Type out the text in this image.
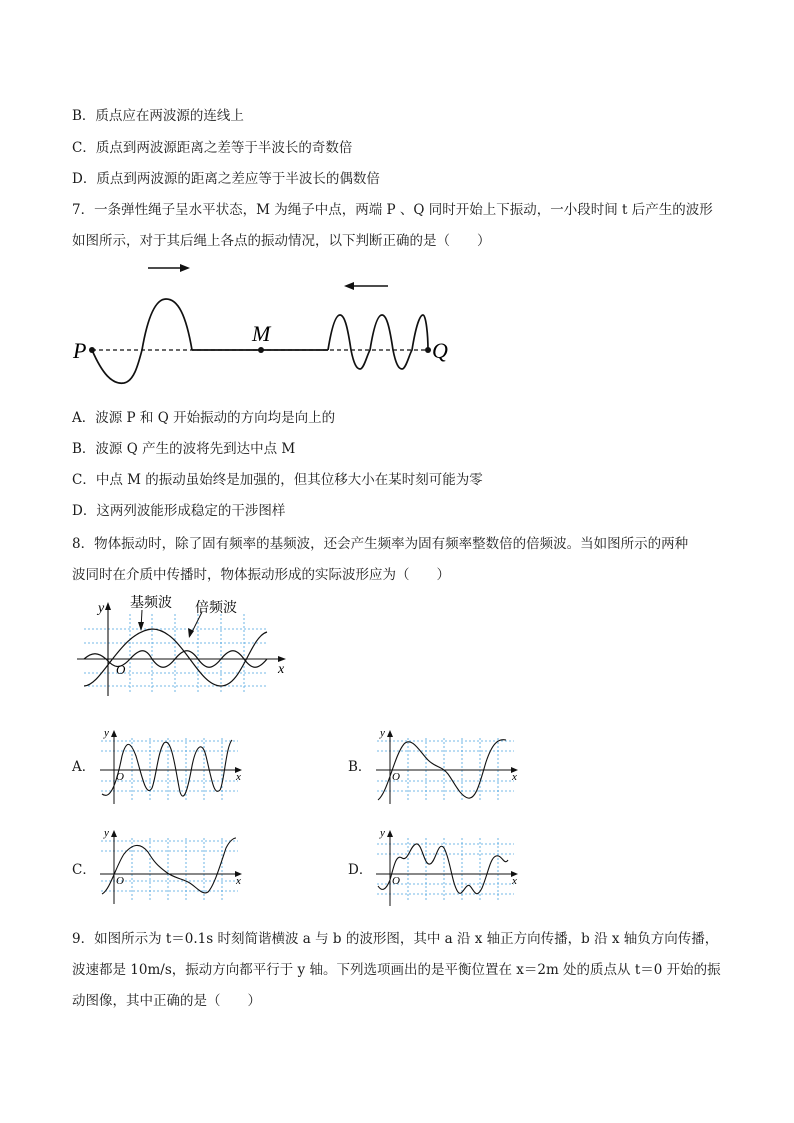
B．质点应在两波源的连线上
C．质点到两波源距离之差等于半波长的奇数倍
D．质点到两波源的距离之差应等于半波长的偶数倍
7．一条弹性绳子呈水平状态，M 为绳子中点，两端 P 、Q 同时开始上下振动，一小段时间 t 后产生的波形
如图所示，对于其后绳上各点的振动情况，以下判断正确的是（　　）
P
M
Q
A．波源 P 和 Q 开始振动的方向均是向上的
B．波源 Q 产生的波将先到达中点 M
C．中点 M 的振动虽始终是加强的，但其位移大小在某时刻可能为零
D．这两列波能形成稳定的干涉图样
8．物体振动时，除了固有频率的基频波，还会产生频率为固有频率整数倍的倍频波。当如图所示的两种
波同时在介质中传播时，物体振动形成的实际波形应为（　　）
y
x
O
基频波 倍频波
A．
y
x
O
B．
y
x
O
C．
y
x
O
D．
y
x
O
9．如图所示为 t＝0.1s 时刻简谐横波 a 与 b 的波形图，其中 a 沿 x 轴正方向传播，b 沿 x 轴负方向传播，
波速都是 10m/s，振动方向都平行于 y 轴。下列选项画出的是平衡位置在 x＝2m 处的质点从 t＝0 开始的振
动图像，其中正确的是（　　）
